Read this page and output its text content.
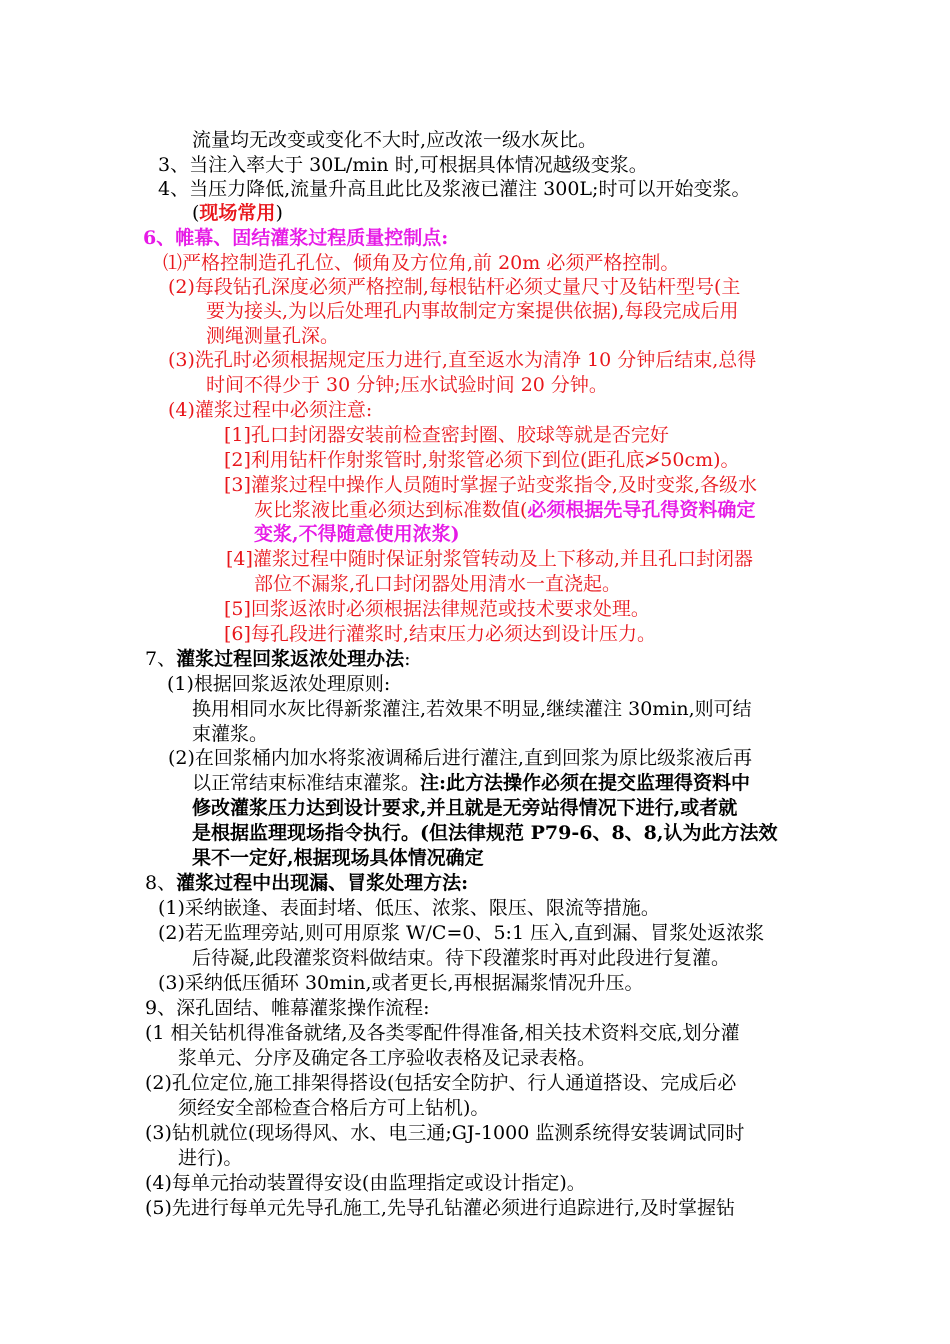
流量均无改变或变化不大时,应改浓一级水灰比。
3、当注入率大于 30L/min 时,可根据具体情况越级变浆。
4、当压力降低,流量升高且此比及浆液已灌注 300L;时可以开始变浆。
(现场常用)
6、帷幕、固结灌浆过程质量控制点:
⑴严格控制造孔孔位、倾角及方位角,前 20m 必须严格控制。
(2)每段钻孔深度必须严格控制,每根钻杆必须丈量尺寸及钻杆型号(主
要为接头,为以后处理孔内事故制定方案提供依据),每段完成后用
测绳测量孔深。
(3)洗孔时必须根据规定压力进行,直至返水为清净 10 分钟后结束,总得
时间不得少于 30 分钟;压水试验时间 20 分钟。
(4)灌浆过程中必须注意:
[1]孔口封闭器安装前检查密封圈、胶球等就是否完好
[2]利用钻杆作射浆管时,射浆管必须下到位(距孔底≯50cm)。
[3]灌浆过程中操作人员随时掌握子站变浆指令,及时变浆,各级水
灰比浆液比重必须达到标准数值(必须根据先导孔得资料确定
变浆,不得随意使用浓浆)
[4]灌浆过程中随时保证射浆管转动及上下移动,并且孔口封闭器
部位不漏浆,孔口封闭器处用清水一直浇起。
[5]回浆返浓时必须根据法律规范或技术要求处理。
[6]每孔段进行灌浆时,结束压力必须达到设计压力。
7、灌浆过程回浆返浓处理办法:
(1)根据回浆返浓处理原则:
换用相同水灰比得新浆灌注,若效果不明显,继续灌注 30min,则可结
束灌浆。
(2)在回浆桶内加水将浆液调稀后进行灌注,直到回浆为原比级浆液后再
以正常结束标准结束灌浆。注:此方法操作必须在提交监理得资料中
修改灌浆压力达到设计要求,并且就是无旁站得情况下进行,或者就
是根据监理现场指令执行。(但法律规范 P79-6、8、8,认为此方法效
果不一定好,根据现场具体情况确定
8、灌浆过程中出现漏、冒浆处理方法:
(1)采纳嵌逢、表面封堵、低压、浓浆、限压、限流等措施。
(2)若无监理旁站,则可用原浆 W/C=0、5:1 压入,直到漏、冒浆处返浓浆
后待凝,此段灌浆资料做结束。待下段灌浆时再对此段进行复灌。
(3)采纳低压循环 30min,或者更长,再根据漏浆情况升压。
9、深孔固结、帷幕灌浆操作流程:
(1 相关钻机得准备就绪,及各类零配件得准备,相关技术资料交底,划分灌
浆单元、分序及确定各工序验收表格及记录表格。
(2)孔位定位,施工排架得搭设(包括安全防护、行人通道搭设、完成后必
须经安全部检查合格后方可上钻机)。
(3)钻机就位(现场得风、水、电三通;GJ-1000 监测系统得安装调试同时
进行)。
(4)每单元抬动装置得安设(由监理指定或设计指定)。
(5)先进行每单元先导孔施工,先导孔钻灌必须进行追踪进行,及时掌握钻
